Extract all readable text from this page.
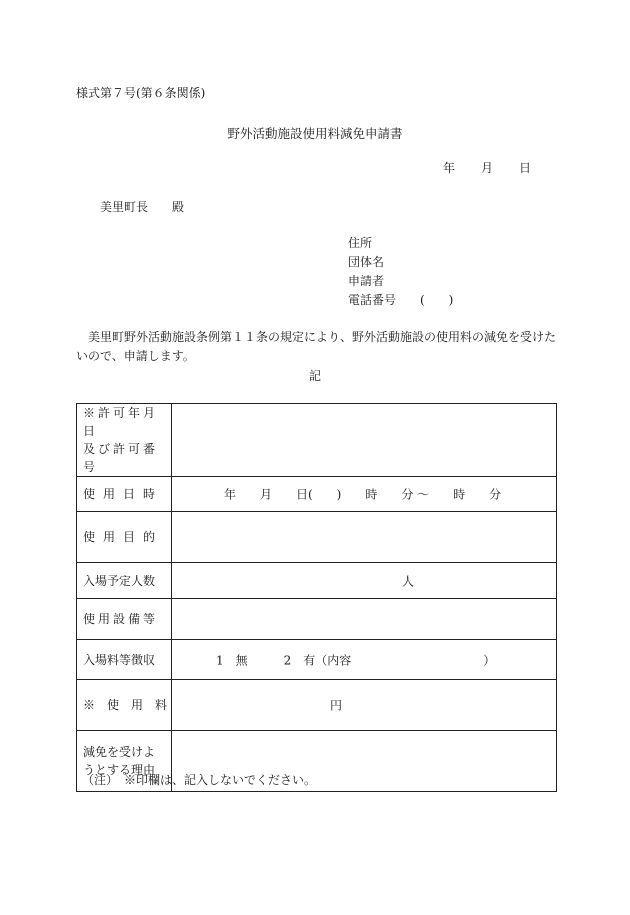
様式第７号(第６条関係)
野外活動施設使用料減免申請書
年 月 日
美里町長　　殿
住所
団体名
申請者
電話番号　　(　　)
美里町野外活動施設条例第１１条の規定により、野外活動施設の使用料の減免を受けたいので、申請します。
記
※許可年月日
及び許可番号	

使用日時	年　　月　　日(　　)　　時　　分 ～　　時　　分

使用目的	
入場予定人数	人

使用設備等	
入場料等徴収	1　無　　　2　有（内容　　　　　　　　　　　）

※　使　用　料	円

減免を受けよ
うとする理由	

（注）　※印欄は、記入しないでください。
